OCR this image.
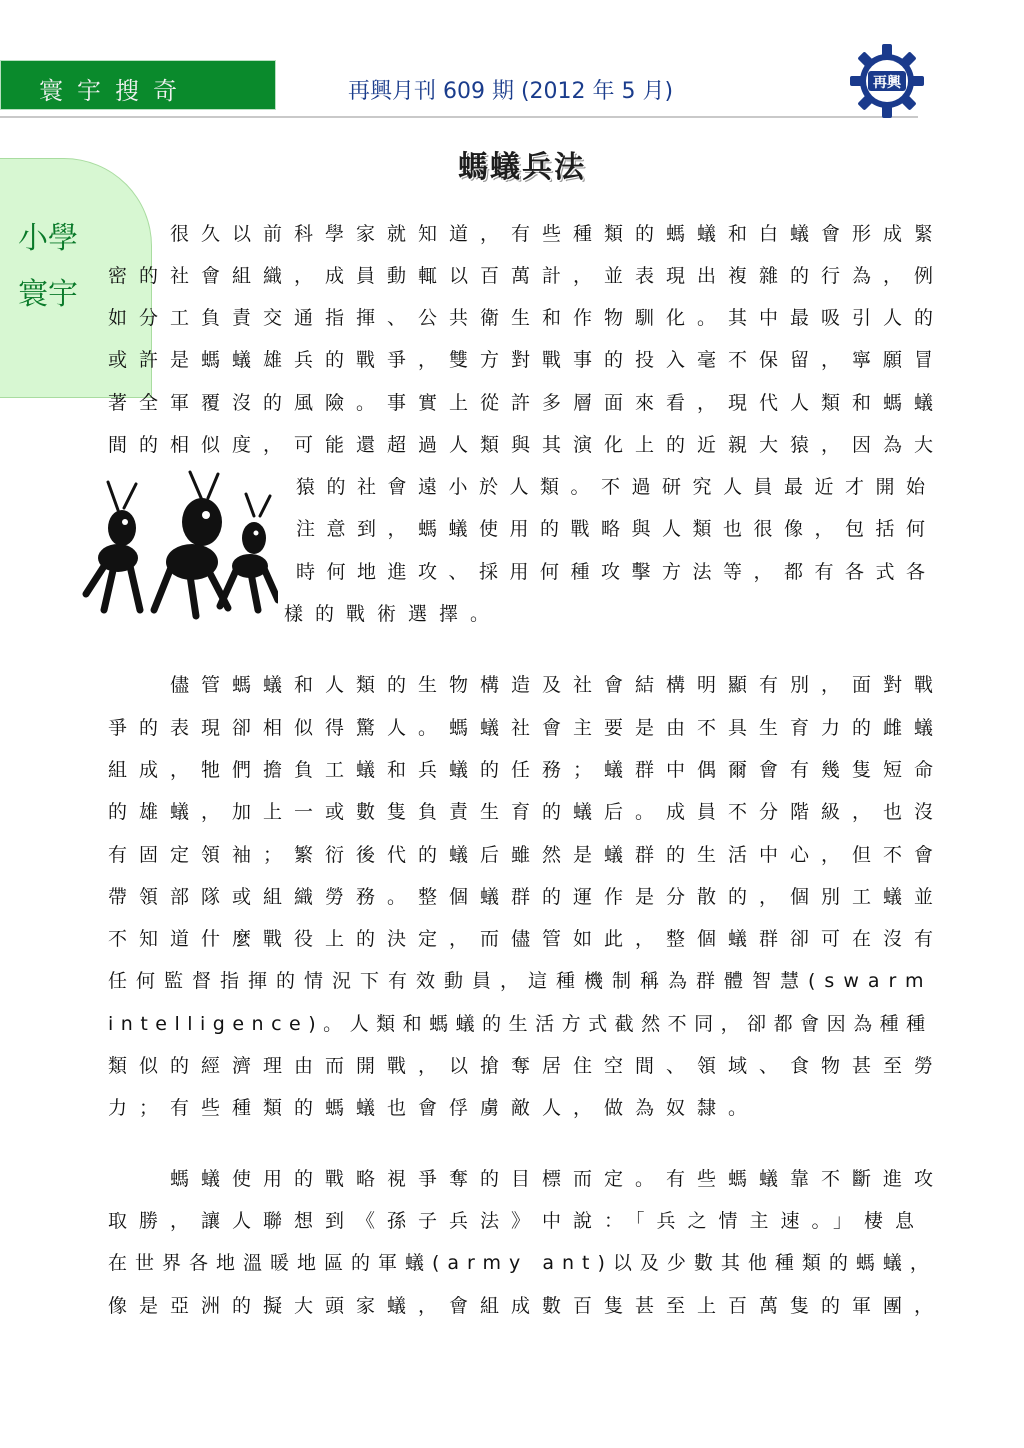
寰宇搜奇	再興月刊 609 期 (2012 年 5 月)	再興
小學寰宇
螞蟻兵法
很久以前科學家就知道，有些種類的螞蟻和白蟻會形成緊
密的社會組織，成員動輒以百萬計，並表現出複雜的行為，例
如分工負責交通指揮、公共衛生和作物馴化。其中最吸引人的
或許是螞蟻雄兵的戰爭，雙方對戰事的投入毫不保留，寧願冒
著全軍覆沒的風險。事實上從許多層面來看，現代人類和螞蟻
間的相似度，可能還超過人類與其演化上的近親大猿，因為大
猿的社會遠小於人類。不過研究人員最近才開始
注意到，螞蟻使用的戰略與人類也很像，包括何
時何地進攻、採用何種攻擊方法等，都有各式各
樣的戰術選擇。
儘管螞蟻和人類的生物構造及社會結構明顯有別，面對戰
爭的表現卻相似得驚人。螞蟻社會主要是由不具生育力的雌蟻
組成，牠們擔負工蟻和兵蟻的任務；蟻群中偶爾會有幾隻短命
的雄蟻，加上一或數隻負責生育的蟻后。成員不分階級，也沒
有固定領袖；繁衍後代的蟻后雖然是蟻群的生活中心，但不會
帶領部隊或組織勞務。整個蟻群的運作是分散的，個別工蟻並
不知道什麼戰役上的決定，而儘管如此，整個蟻群卻可在沒有
任何監督指揮的情況下有效動員，這種機制稱為群體智慧(swarm
intelligence)。人類和螞蟻的生活方式截然不同，卻都會因為種種
類似的經濟理由而開戰，以搶奪居住空間、領域、食物甚至勞
力；有些種類的螞蟻也會俘虜敵人，做為奴隸。
螞蟻使用的戰略視爭奪的目標而定。有些螞蟻靠不斷進攻
取勝，讓人聯想到《孫子兵法》中說：「兵之情主速。」棲息
在世界各地溫暖地區的軍蟻(army ant)以及少數其他種類的螞蟻，
像是亞洲的擬大頭家蟻，會組成數百隻甚至上百萬隻的軍團，
